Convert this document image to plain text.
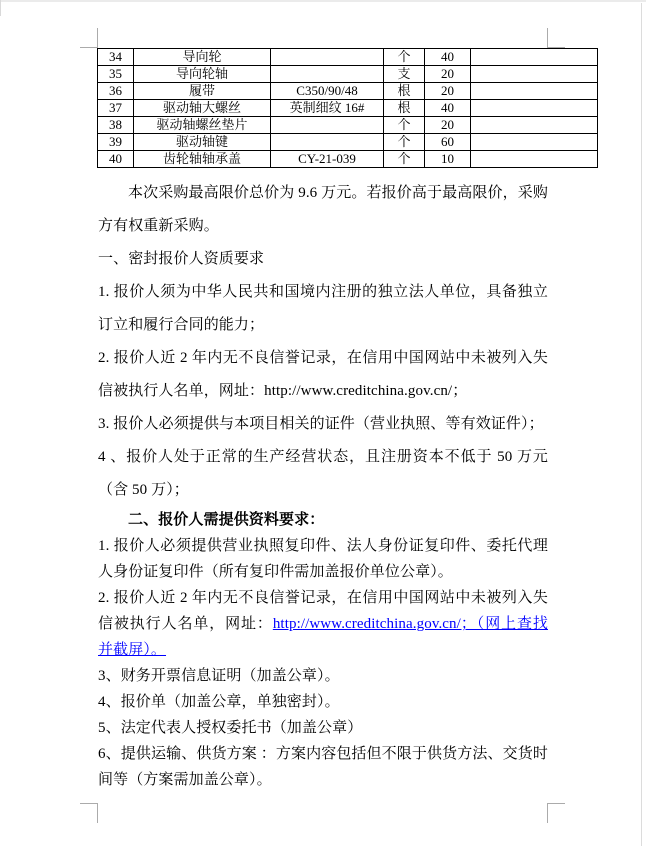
34	导向轮		个	40	
35	导向轮轴		支	20	
36	履带	C350/90/48	根	20	
37	驱动轴大螺丝	英制细纹 16#	根	40	
38	驱动轴螺丝垫片		个	20	
39	驱动轴键		个	60	
40	齿轮轴轴承盖	CY-21-039	个	10	

本次采购最高限价总价为 9.6 万元。若报价高于最高限价，采购方有权重新采购。

一、密封报价人资质要求

1. 报价人须为中华人民共和国境内注册的独立法人单位，具备独立订立和履行合同的能力；

2. 报价人近 2 年内无不良信誉记录，在信用中国网站中未被列入失信被执行人名单，网址：http://www.creditchina.gov.cn/；

3. 报价人必须提供与本项目相关的证件（营业执照、等有效证件）；

4 、报价人处于正常的生产经营状态，且注册资本不低于 50 万元（含 50 万）；

二、报价人需提供资料要求：

1. 报价人必须提供营业执照复印件、法人身份证复印件、委托代理人身份证复印件（所有复印件需加盖报价单位公章）。

2. 报价人近 2 年内无不良信誉记录，在信用中国网站中未被列入失信被执行人名单，网址：http://www.creditchina.gov.cn/；（网上查找并截屏）。

3、财务开票信息证明（加盖公章）。

4、报价单（加盖公章，单独密封）。

5、法定代表人授权委托书（加盖公章）

6、提供运输、供货方案 ：方案内容包括但不限于供货方法、交货时间等（方案需加盖公章）。
